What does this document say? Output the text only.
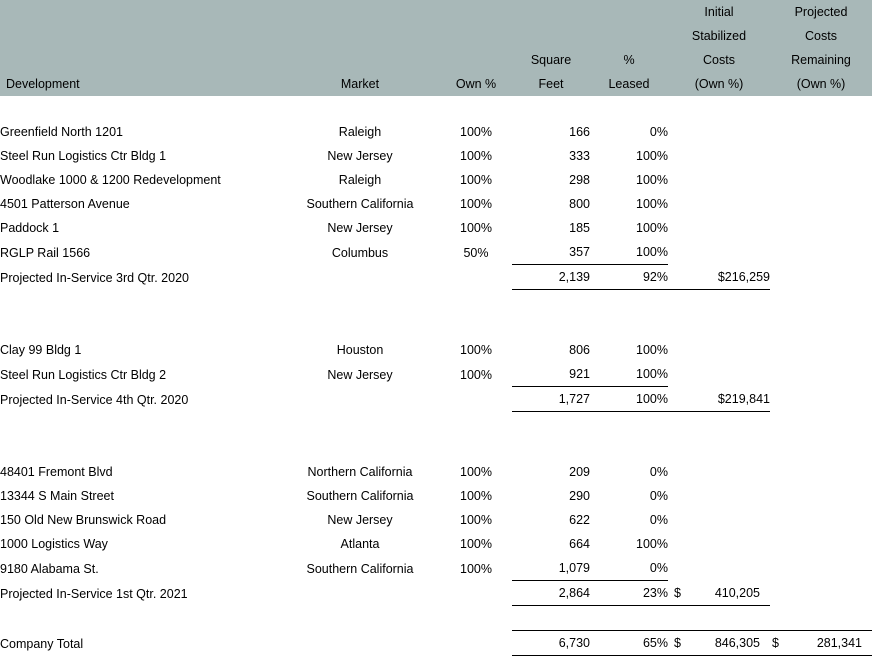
					Initial	Projected
					Stabilized	Costs
			Square	%	Costs	Remaining
Development	Market	Own %	Feet	Leased	(Own %)	(Own %)

Greenfield North 1201	Raleigh	100%	166	0%		
Steel Run Logistics Ctr Bldg 1	New Jersey	100%	333	100%		
Woodlake 1000 & 1200 Redevelopment	Raleigh	100%	298	100%		
4501 Patterson Avenue	Southern California	100%	800	100%		
Paddock 1	New Jersey	100%	185	100%		
RGLP Rail 1566	Columbus	50%	357	100%		
Projected In-Service 3rd Qtr. 2020			2,139	92%	$216,259	

Clay 99 Bldg 1	Houston	100%	806	100%		
Steel Run Logistics Ctr Bldg 2	New Jersey	100%	921	100%		
Projected In-Service 4th Qtr. 2020			1,727	100%	$219,841	

48401 Fremont Blvd	Northern California	100%	209	0%		
13344 S Main Street	Southern California	100%	290	0%		
150 Old New Brunswick Road	New Jersey	100%	622	0%		
1000 Logistics Way	Atlanta	100%	664	100%		
9180 Alabama St.	Southern California	100%	1,079	0%		
Projected In-Service 1st Qtr. 2021			2,864	23%	$ 410,205	

Company Total			6,730	65%	$ 846,305	$ 281,341
